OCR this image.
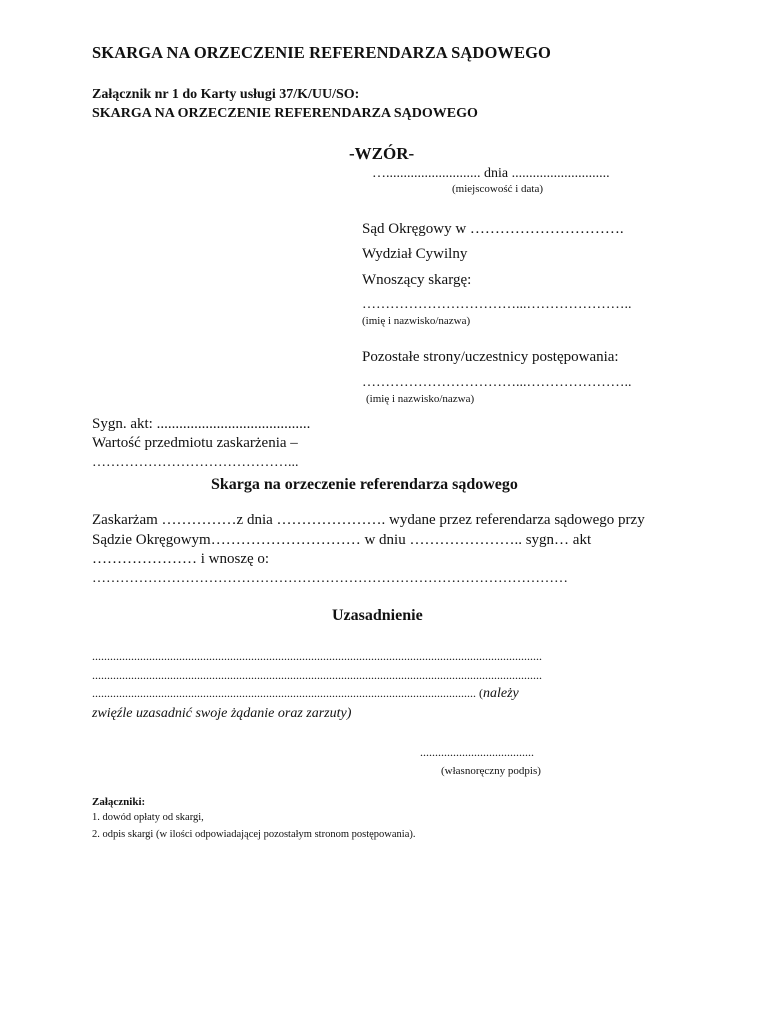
SKARGA NA ORZECZENIE REFERENDARZA SĄDOWEGO
Załącznik nr 1 do Karty usługi 37/K/UU/SO:
SKARGA NA ORZECZENIE REFERENDARZA SĄDOWEGO
-WZÓR-
…........................... dnia ............................
(miejscowość i data)
Sąd Okręgowy w ………………………….
Wydział Cywilny
Wnoszący skargę:
……………………………...…………………..
(imię i nazwisko/nazwa)
Pozostałe strony/uczestnicy postępowania:
……………………………...…………………..
(imię i nazwisko/nazwa)
Sygn. akt: .........................................
Wartość przedmiotu zaskarżenia –
……………………………………...
Skarga na orzeczenie referendarza sądowego
Zaskarżam ……………z dnia …………………. wydane przez referendarza sądowego przy
Sądzie Okręgowym………………………… w dniu ………………….. sygn… akt
………………… i wnoszę o:
…………………………………………………………………………………………
Uzasadnienie
......................................................................................................................................................
......................................................................................................................................................
................................................................................................................................ (należy
zwięźle uzasadnić swoje żądanie oraz zarzuty)
......................................
(własnoręczny podpis)
Załączniki:
1. dowód opłaty od skargi,
2. odpis skargi (w ilości odpowiadającej pozostałym stronom postępowania).
